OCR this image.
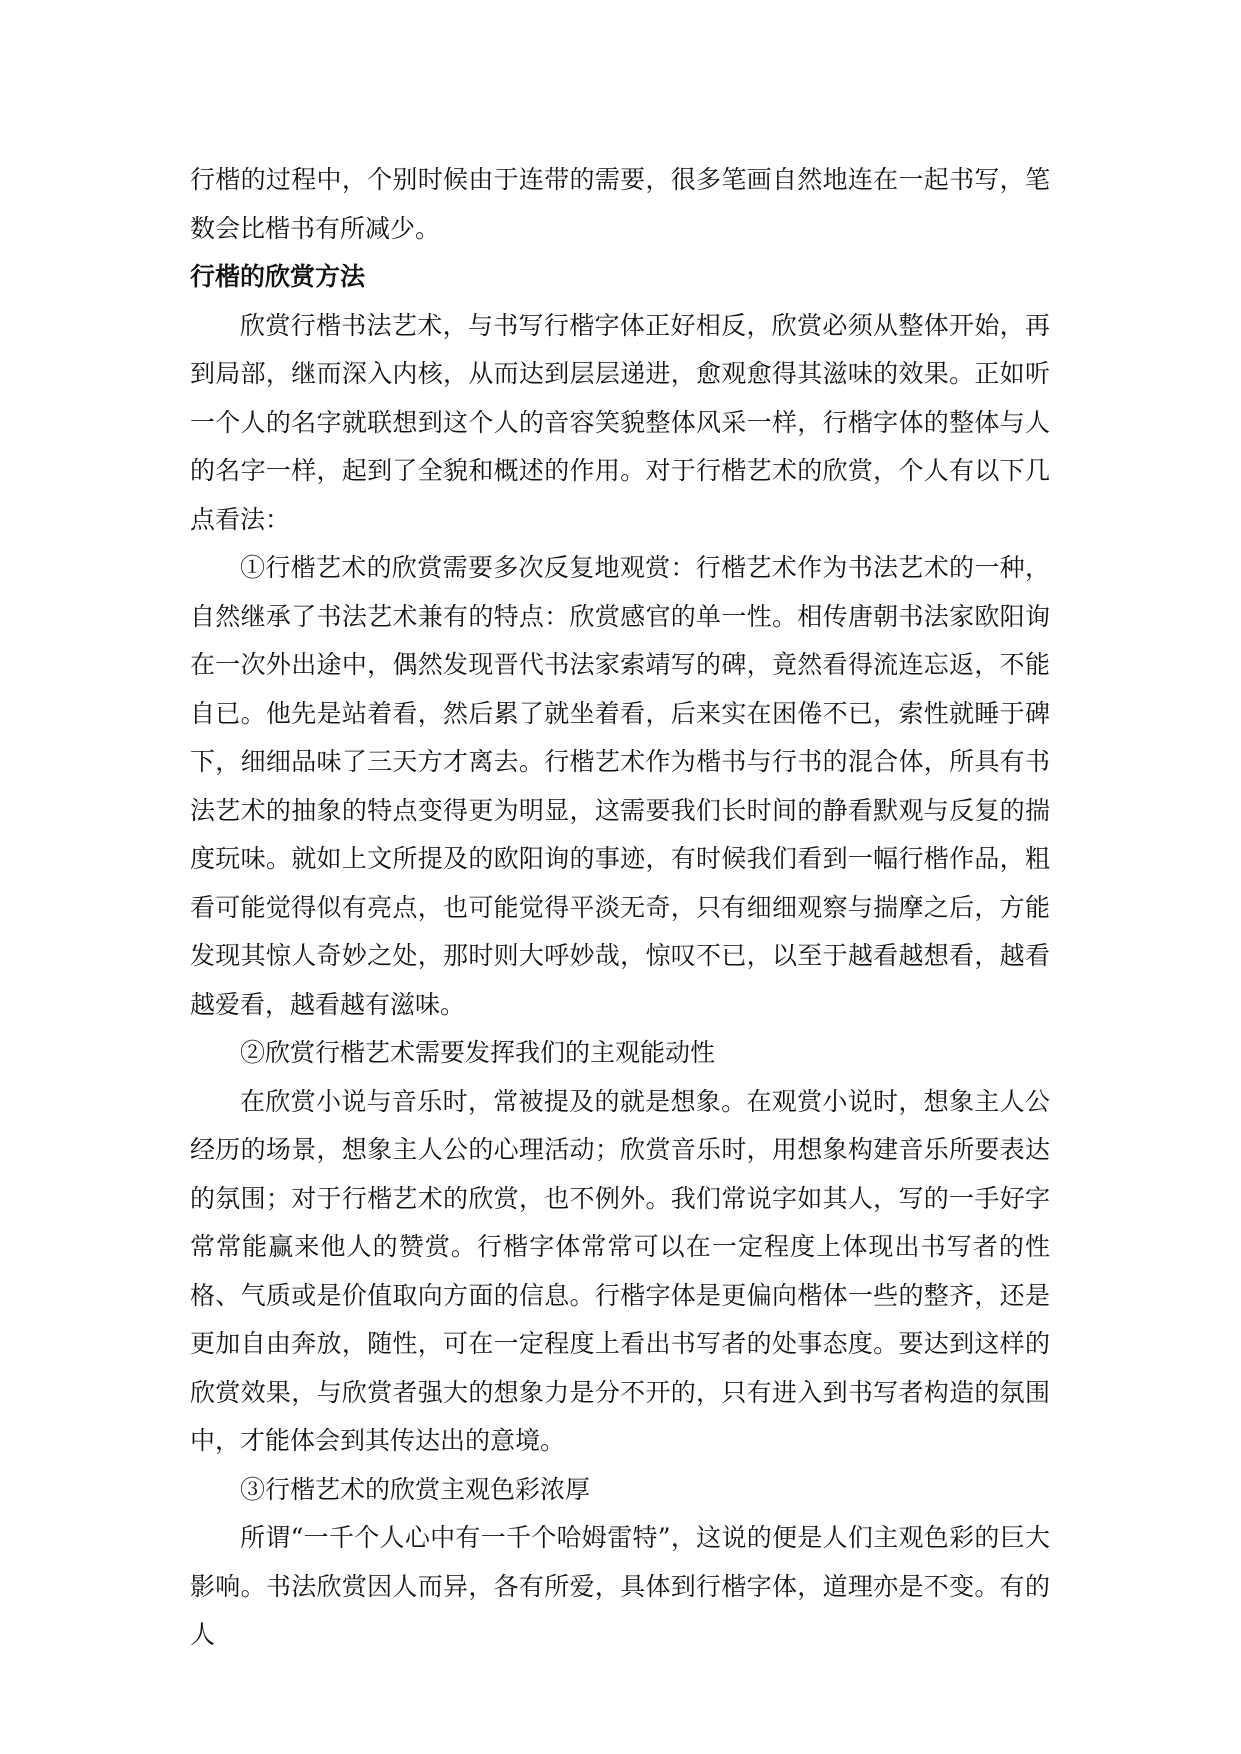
行楷的过程中，个别时候由于连带的需要，很多笔画自然地连在一起书写，笔数会比楷书有所减少。

行楷的欣赏方法

欣赏行楷书法艺术，与书写行楷字体正好相反，欣赏必须从整体开始，再到局部，继而深入内核，从而达到层层递进，愈观愈得其滋味的效果。正如听一个人的名字就联想到这个人的音容笑貌整体风采一样，行楷字体的整体与人的名字一样，起到了全貌和概述的作用。对于行楷艺术的欣赏，个人有以下几点看法：

①行楷艺术的欣赏需要多次反复地观赏：行楷艺术作为书法艺术的一种，自然继承了书法艺术兼有的特点：欣赏感官的单一性。相传唐朝书法家欧阳询在一次外出途中，偶然发现晋代书法家索靖写的碑，竟然看得流连忘返，不能自已。他先是站着看，然后累了就坐着看，后来实在困倦不已，索性就睡于碑下，细细品味了三天方才离去。行楷艺术作为楷书与行书的混合体，所具有书法艺术的抽象的特点变得更为明显，这需要我们长时间的静看默观与反复的揣度玩味。就如上文所提及的欧阳询的事迹，有时候我们看到一幅行楷作品，粗看可能觉得似有亮点，也可能觉得平淡无奇，只有细细观察与揣摩之后，方能发现其惊人奇妙之处，那时则大呼妙哉，惊叹不已，以至于越看越想看，越看越爱看，越看越有滋味。

②欣赏行楷艺术需要发挥我们的主观能动性

在欣赏小说与音乐时，常被提及的就是想象。在观赏小说时，想象主人公经历的场景，想象主人公的心理活动；欣赏音乐时，用想象构建音乐所要表达的氛围；对于行楷艺术的欣赏，也不例外。我们常说字如其人，写的一手好字常常能赢来他人的赞赏。行楷字体常常可以在一定程度上体现出书写者的性格、气质或是价值取向方面的信息。行楷字体是更偏向楷体一些的整齐，还是更加自由奔放，随性，可在一定程度上看出书写者的处事态度。要达到这样的欣赏效果，与欣赏者强大的想象力是分不开的，只有进入到书写者构造的氛围中，才能体会到其传达出的意境。

③行楷艺术的欣赏主观色彩浓厚

所谓“一千个人心中有一千个哈姆雷特”，这说的便是人们主观色彩的巨大影响。书法欣赏因人而异，各有所爱，具体到行楷字体，道理亦是不变。有的人
